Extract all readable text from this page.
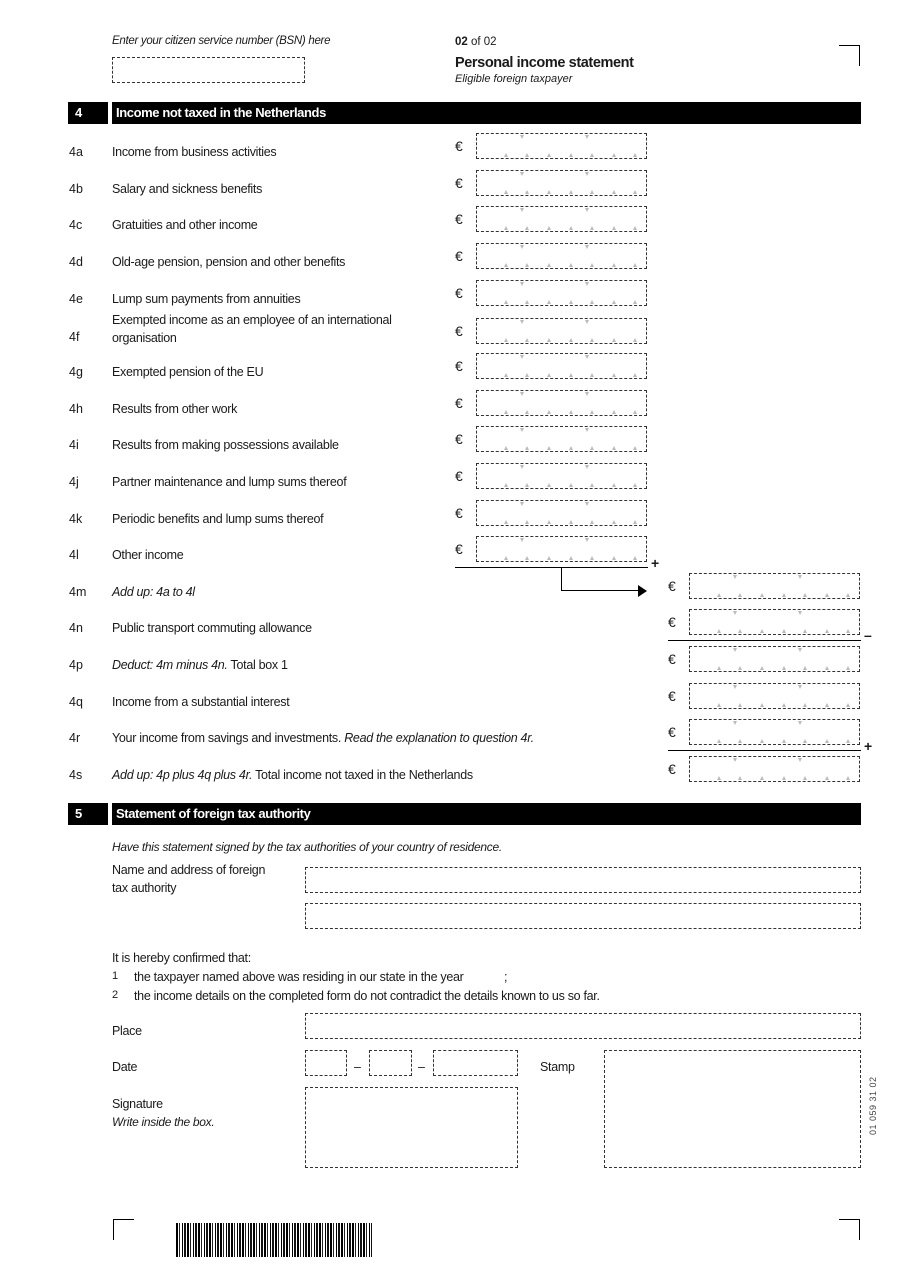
Enter your citizen service number (BSN) here	02 of 02
Personal income statement
Eligible foreign taxpayer
4	Income not taxed in the Netherlands
4a Income from business activities	€
4b Salary and sickness benefits	€
4c Gratuities and other income	€
4d Old-age pension, pension and other benefits	€
4e Lump sum payments from annuities	€
4f
Exempted income as an employee of an international
organisation	€
4g Exempted pension of the EU	€
4h Results from other work	€
4i	Results from making possessions available	€
4j	Partner maintenance and lump sums thereof	€
4k Periodic benefits and lump sums thereof	€
4l	Other income	€
4m Add up: 4a to 4l	€
4n Public transport commuting allowance	€
4p Deduct: 4m minus 4n. Total box 1	€
4q Income from a substantial interest	€
4r	Your income from savings and investments. Read the explanation to question 4r.	€
4s Add up: 4p plus 4q plus 4r. Total income not taxed in the Netherlands	€
+
–
+
5	Statement of foreign tax authority
Have this statement signed by the tax authorities of your country of residence.
Name and address of foreign
tax authority
It is hereby confirmed that:
1 the taxpayer named above was residing in our state in the year	;
2 the income details on the completed form do not contradict the details known to us so far.
Place
Date	–	–	Stamp
Signature
Write inside the box.	01 059 31 02
